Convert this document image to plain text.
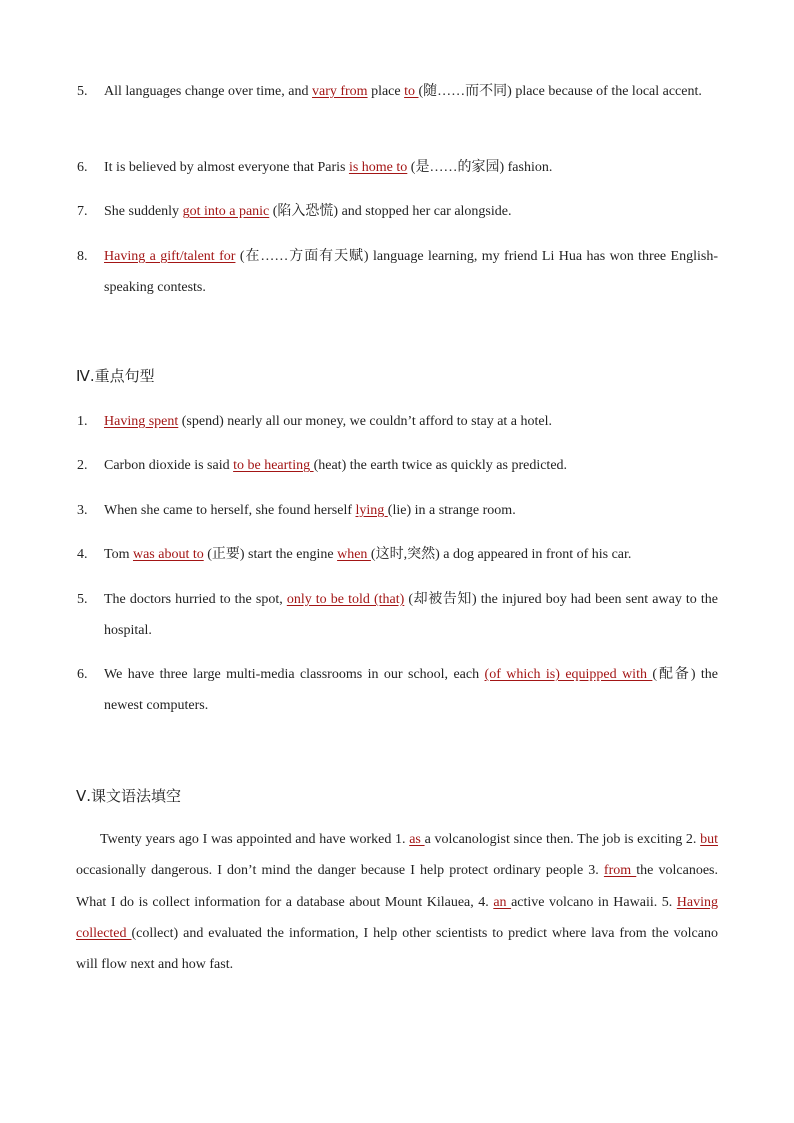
5.	All languages change over time, and vary from place to (随……而不同) place because of the local accent.
6.	It is believed by almost everyone that Paris is home to (是……的家园) fashion.
7.	She suddenly got into a panic (陷入恐慌) and stopped her car alongside.
8.	Having a gift/talent for (在……方面有天赋) language learning, my friend Li Hua has won three English-speaking contests.
Ⅳ.重点句型
1.	Having spent (spend) nearly all our money, we couldn’t afford to stay at a hotel.
2.	Carbon dioxide is said to be hearting (heat) the earth twice as quickly as predicted.
3.	When she came to herself, she found herself lying (lie) in a strange room.
4.	Tom was about to (正要) start the engine when (这时,突然) a dog appeared in front of his car.
5.	The doctors hurried to the spot, only to be told (that) (却被告知) the injured boy had been sent away to the hospital.
6.	We have three large multi-media classrooms in our school, each (of which is) equipped with (配备) the newest computers.
Ⅴ.课文语法填空
Twenty years ago I was appointed and have worked 1. as a volcanologist since then. The job is exciting 2. but occasionally dangerous. I don’t mind the danger because I help protect ordinary people 3. from the volcanoes. What I do is collect information for a database about Mount Kilauea, 4. an active volcano in Hawaii. 5. Having collected (collect) and evaluated the information, I help other scientists to predict where lava from the volcano will flow next and how fast.
